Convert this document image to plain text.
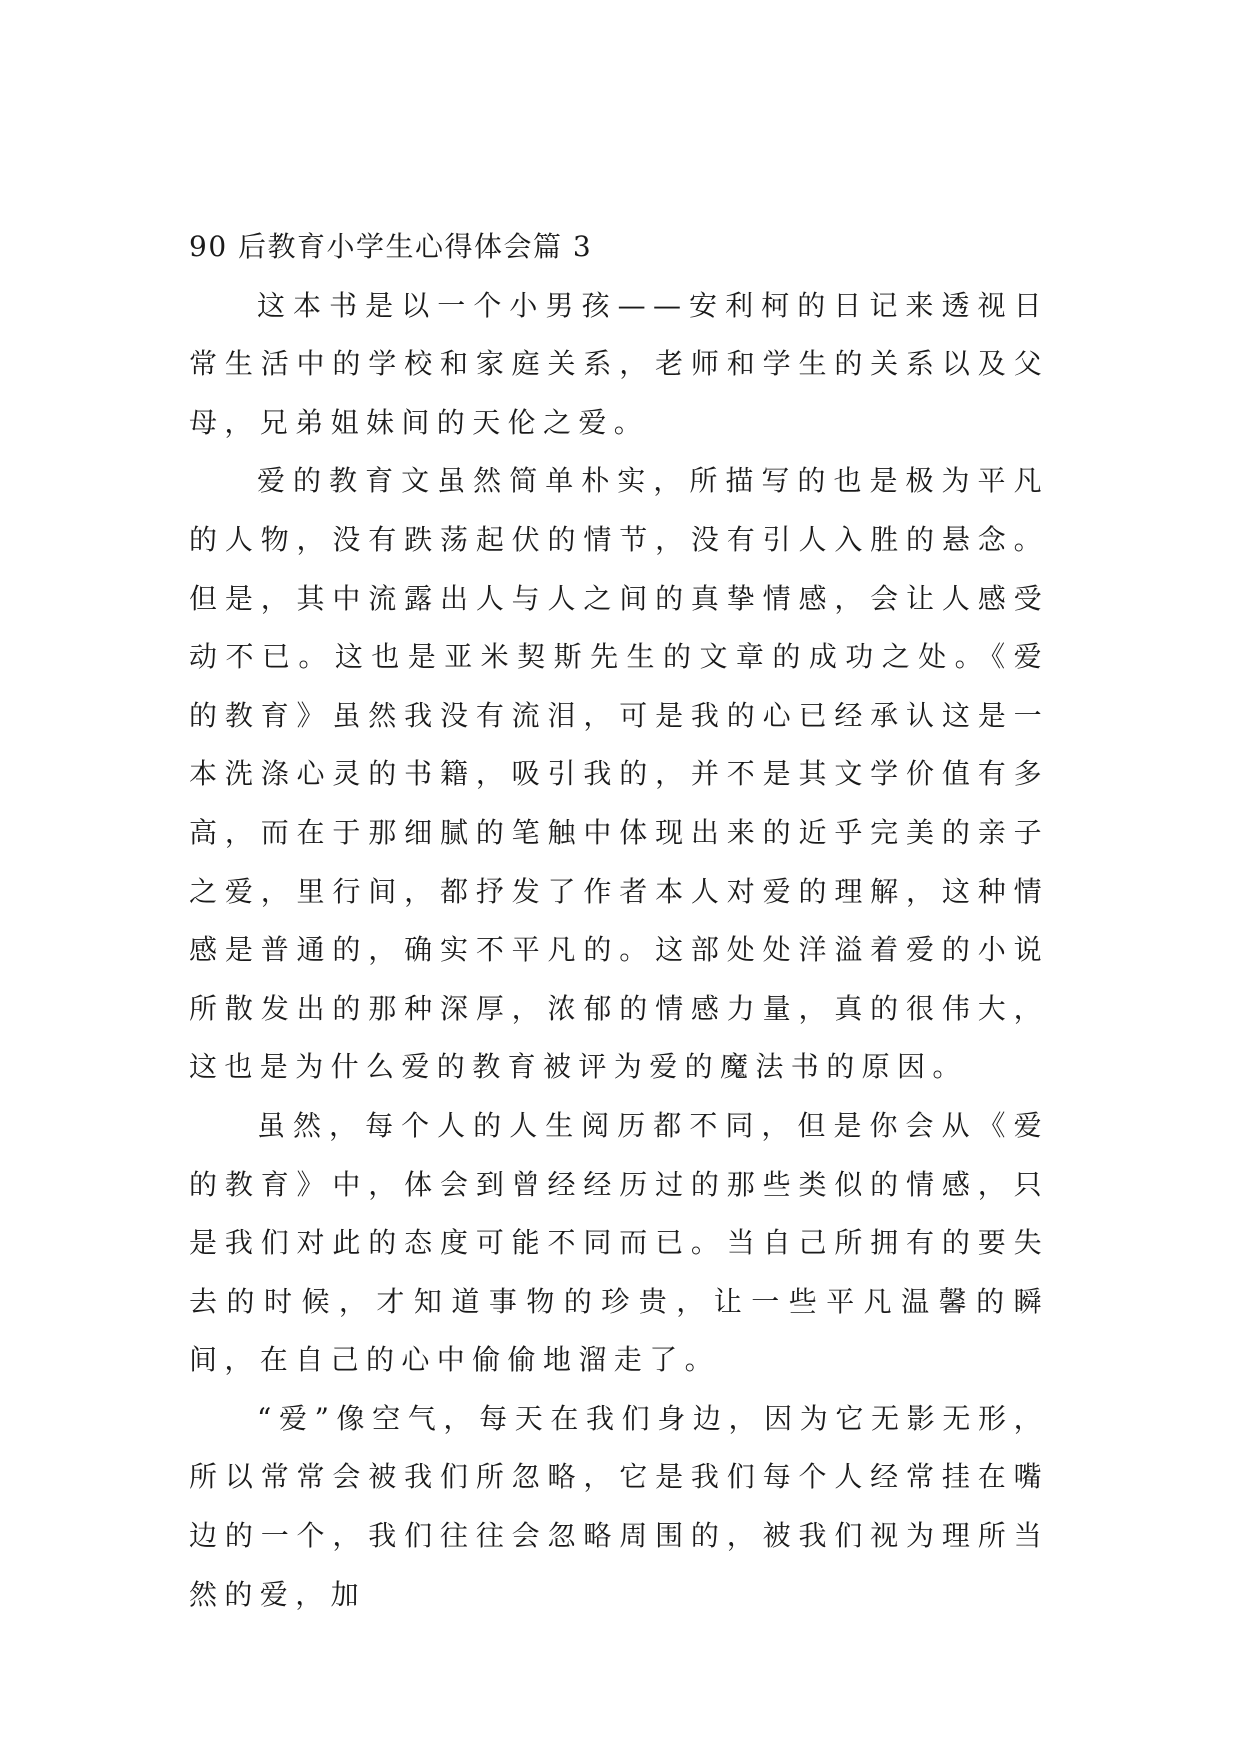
90 后教育小学生心得体会篇 3

这本书是以一个小男孩——安利柯的日记来透视日常生活中的学校和家庭关系，老师和学生的关系以及父母，兄弟姐妹间的天伦之爱。

爱的教育文虽然简单朴实，所描写的也是极为平凡的人物，没有跌荡起伏的情节，没有引人入胜的悬念。但是，其中流露出人与人之间的真挚情感，会让人感受动不已。这也是亚米契斯先生的文章的成功之处。《爱的教育》虽然我没有流泪，可是我的心已经承认这是一本洗涤心灵的书籍，吸引我的，并不是其文学价值有多高，而在于那细腻的笔触中体现出来的近乎完美的亲子之爱，里行间，都抒发了作者本人对爱的理解，这种情感是普通的，确实不平凡的。这部处处洋溢着爱的小说所散发出的那种深厚，浓郁的情感力量，真的很伟大，这也是为什么爱的教育被评为爱的魔法书的原因。

虽然，每个人的人生阅历都不同，但是你会从《爱的教育》中，体会到曾经经历过的那些类似的情感，只是我们对此的态度可能不同而已。当自己所拥有的要失去的时候，才知道事物的珍贵，让一些平凡温馨的瞬间，在自己的心中偷偷地溜走了。

“爱”像空气，每天在我们身边，因为它无影无形，所以常常会被我们所忽略，它是我们每个人经常挂在嘴边的一个，我们往往会忽略周围的，被我们视为理所当然的爱，加
